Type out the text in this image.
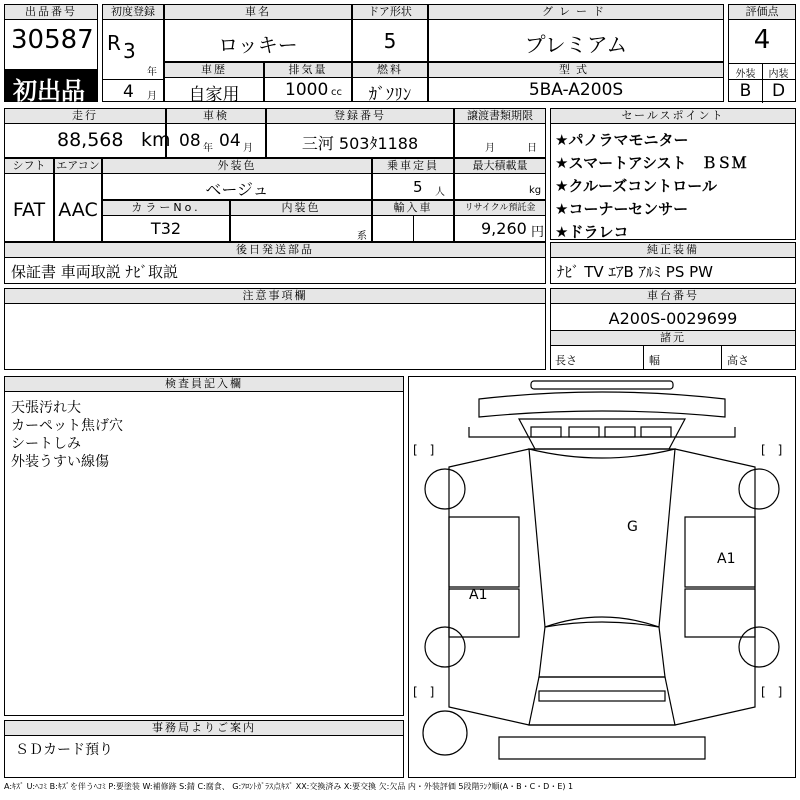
出品番号
30587
初出品
初度登録
R 3
年
4 月
車名
ロッキー
ドア形状
5
グレード
プレミアム
評価点
4
外装	内装
B	D
車歴
自家用
排気量
1000 cc
燃料
ｶﾞｿﾘﾝ
型式
5BA-A200S
走行
88,568 km
車検
08 年 04 月
登録番号
三河 503ﾀ1188
譲渡書類期限
月	日
セールスポイント
★パノラマモニター
★スマートアシスト　ＢＳＭ
★クルーズコントロール
★コーナーセンサー
★ドラレコ
シフト
FAT
エアコン
AAC
外装色
ベージュ
乗車定員
5 人
最大積載量
kg
カラーNo.
T32
内装色
系
輸入車	リサイクル預託金
9,260 円
後日発送部品
保証書 車両取説 ﾅﾋﾞ取説
純正装備
ﾅﾋﾞ TV ｴｱB ｱﾙﾐ PS PW
注意事項欄	車台番号
A200S-0029699
諸元
長さ	幅	高さ
検査員記入欄
天張汚れ大
カーペット焦げ穴
シートしみ
外装うすい線傷
事務局よりご案内
ＳＤカード預り
[　]	[　]
[　]	[　]
G
A1
A1
A:ｷｽﾞ U:ﾍｺﾐ B:ｷｽﾞを伴うﾍｺﾐ P:要塗装 W:補修跡 S:錆 C:腐食、 G:ﾌﾛﾝﾄｶﾞﾗｽ点ｷｽﾞ XX:交換済み X:要交換 欠:欠品 内・外装評価 5段階ﾗﾝｸ順(A・B・C・D・E) 1
